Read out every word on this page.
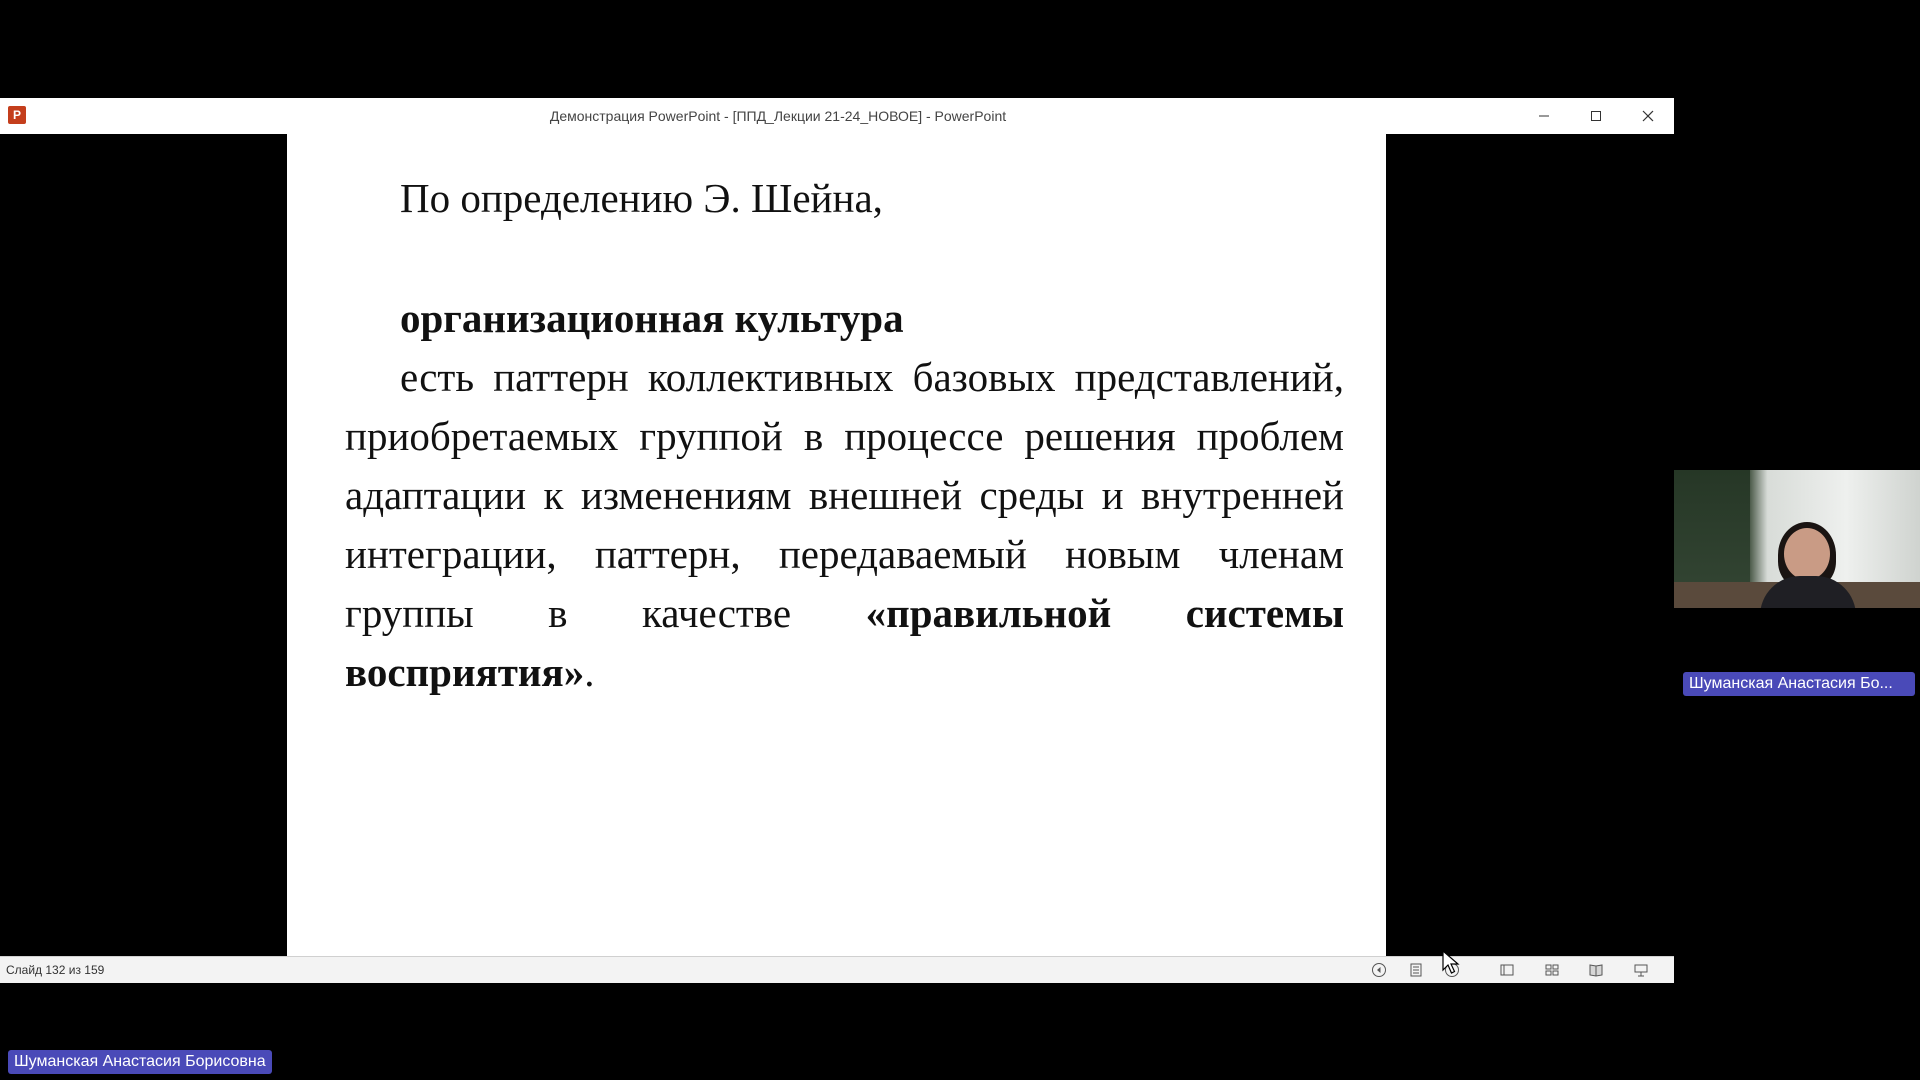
P	Демонстрация PowerPoint - [ППД_Лекции 21-24_НОВОЕ] - PowerPoint
По определению Э. Шейна,
организационная культура
есть паттерн коллективных базовых представлений, приобретаемых группой в процессе решения проблем адаптации к изменениям внешней среды и внутренней интеграции, паттерн, передаваемый новым членам группы в качестве «правильной системы восприятия».
Слайд 132 из 159
Шуманская Анастасия Бо...
Шуманская Анастасия Борисовна
